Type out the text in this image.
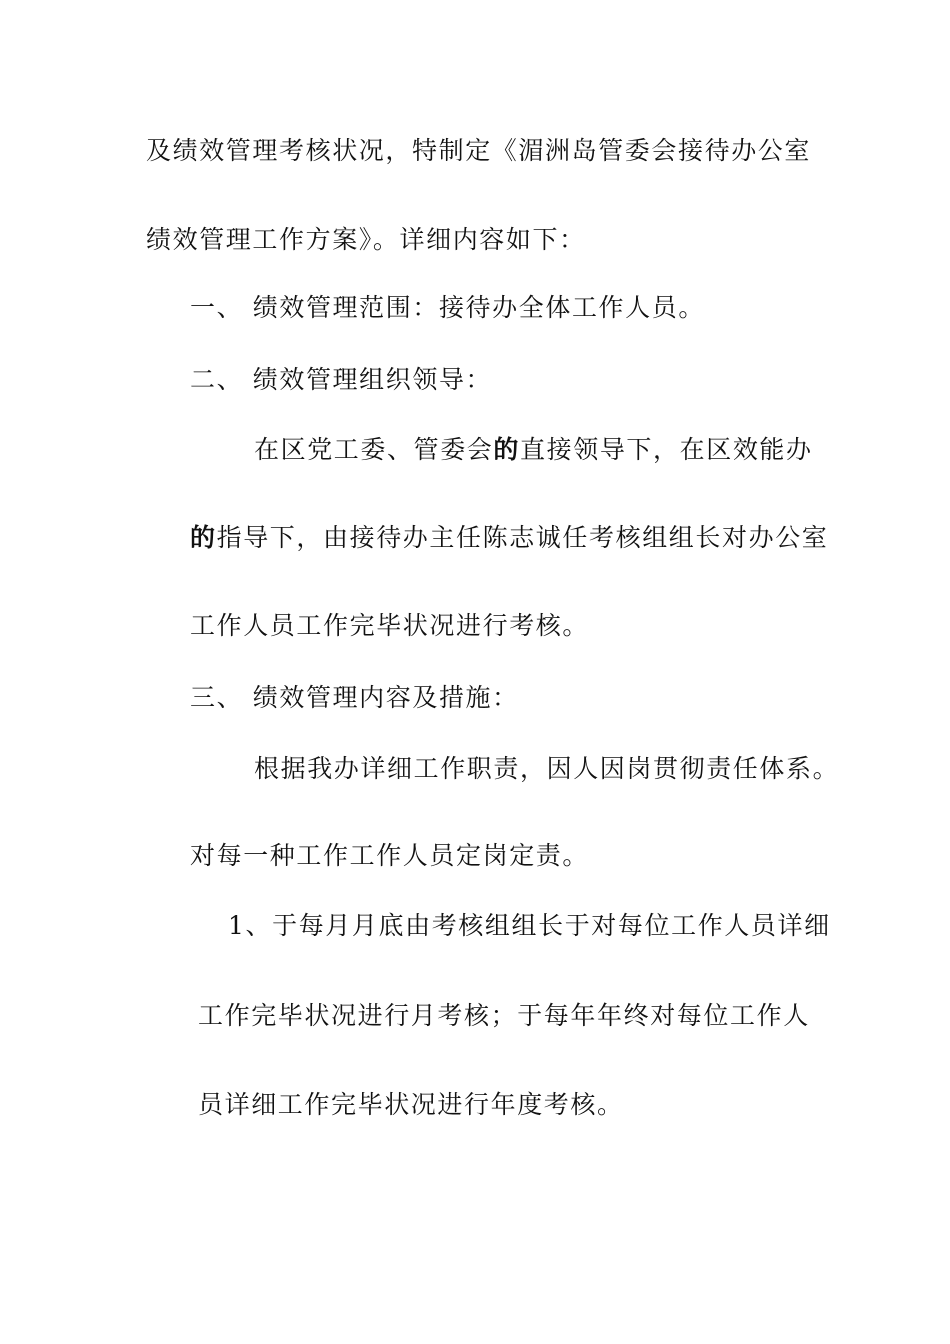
及绩效管理考核状况，特制定《湄洲岛管委会接待办公室
绩效管理工作方案》。详细内容如下：
一、 绩效管理范围：接待办全体工作人员。
二、 绩效管理组织领导：
在区党工委、管委会的直接领导下，在区效能办
的指导下，由接待办主任陈志诚任考核组组长对办公室
工作人员工作完毕状况进行考核。
三、 绩效管理内容及措施：
根据我办详细工作职责，因人因岗贯彻责任体系。
对每一种工作工作人员定岗定责。
1、于每月月底由考核组组长于对每位工作人员详细
工作完毕状况进行月考核；于每年年终对每位工作人
员详细工作完毕状况进行年度考核。
